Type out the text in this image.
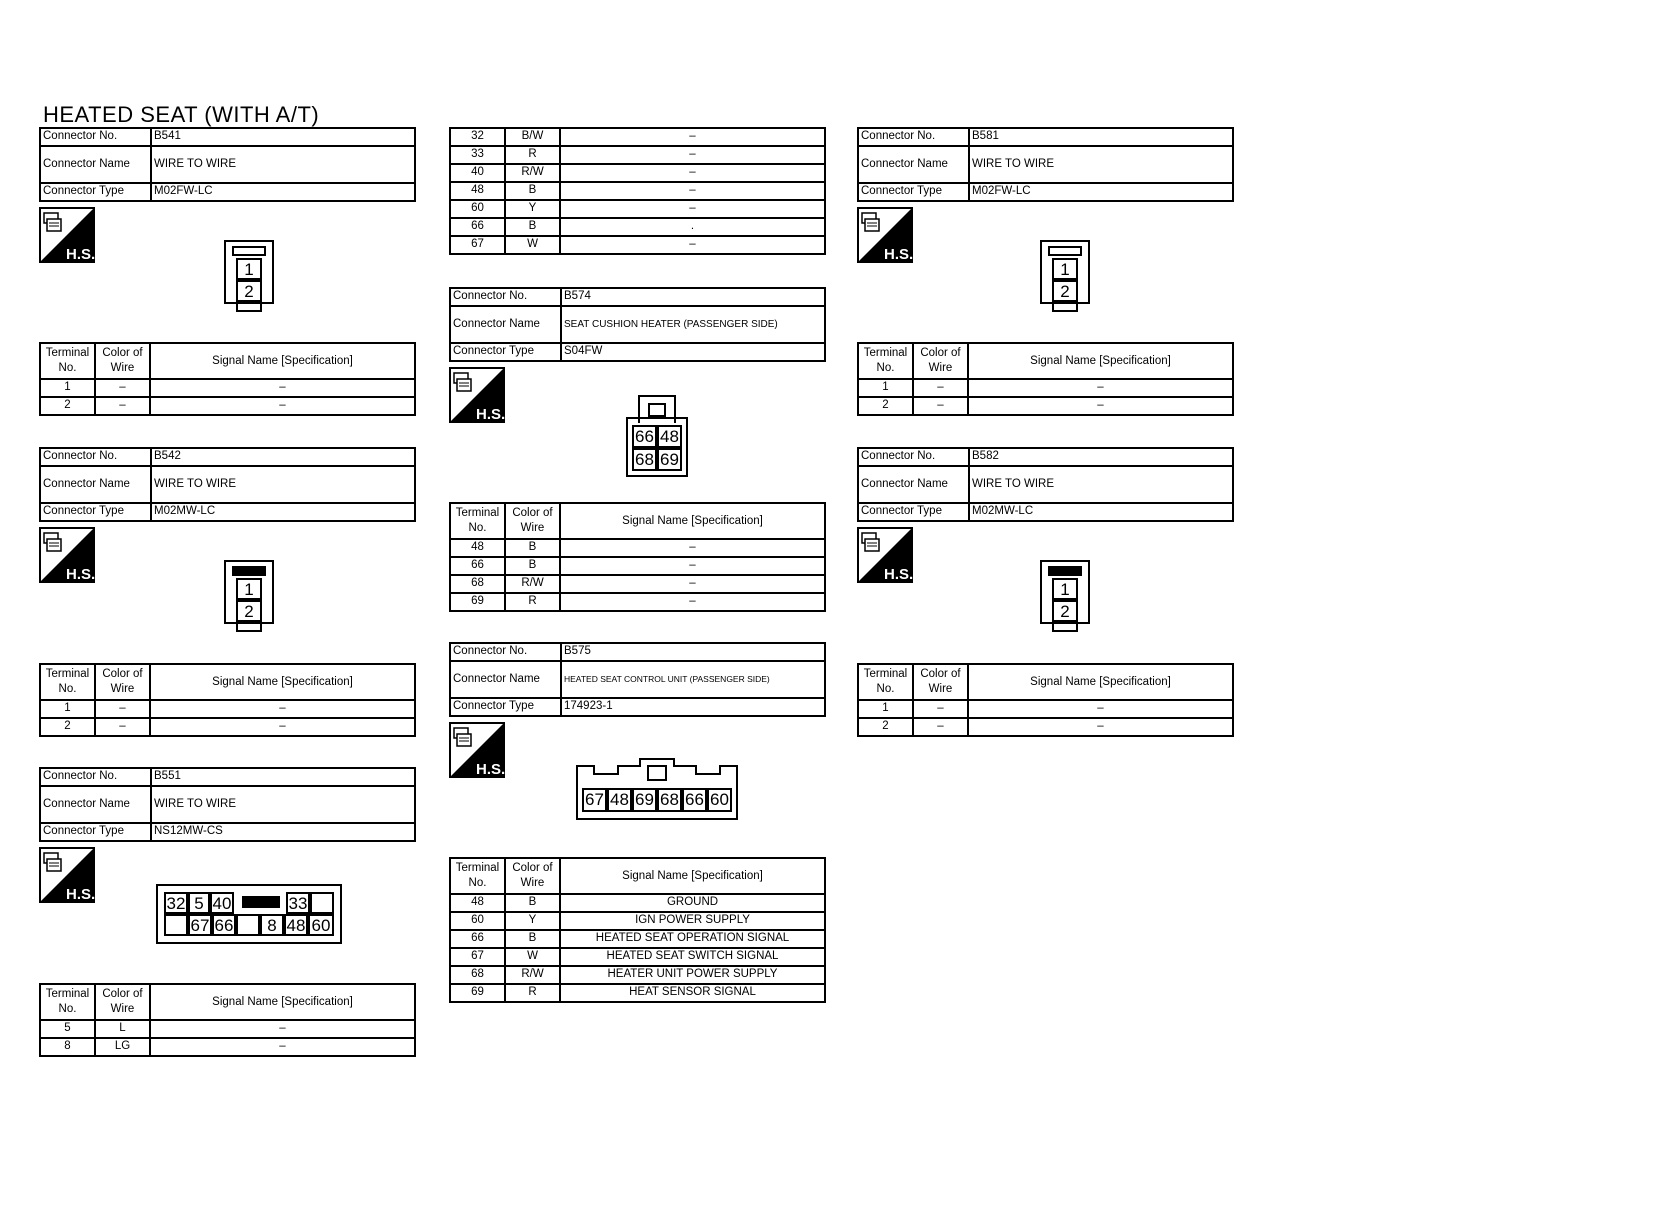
HEATED SEAT (WITH A/T)
Connector No.	B541
Connector Name	WIRE TO WIRE
Connector Type	M02FW-LC
H.S.
1
2
Terminal No.	Color of Wire	Signal Name [Specification]
1	–	–
2	–	–
Connector No.	B542
Connector Name	WIRE TO WIRE
Connector Type	M02MW-LC
H.S.
1
2
Terminal No.	Color of Wire	Signal Name [Specification]
1	–	–
2	–	–
Connector No.	B551
Connector Name	WIRE TO WIRE
Connector Type	NS12MW-CS
H.S.	32 5 40	33
67 66	8 48 60
Terminal No.	Color of Wire	Signal Name [Specification]
5	L	–
8	LG	–
32	B/W	–
33	R	–
40	R/W	–
48	B	–
60	Y	–
66	B	.
67	W	–
Connector No.	B574
Connector Name	SEAT CUSHION HEATER (PASSENGER SIDE)
Connector Type	S04FW
H.S.
66 48
68 69
Terminal No.	Color of Wire	Signal Name [Specification]
48	B	–
66	B	–
68	R/W	–
69	R	–
Connector No.	B575
Connector Name	HEATED SEAT CONTROL UNIT (PASSENGER SIDE)
Connector Type	174923-1
H.S.
67 48 69 68 66 60
Terminal No.	Color of Wire	Signal Name [Specification]
48	B	GROUND
60	Y	IGN POWER SUPPLY
66	B	HEATED SEAT OPERATION SIGNAL
67	W	HEATED SEAT SWITCH SIGNAL
68	R/W	HEATER UNIT POWER SUPPLY
69	R	HEAT SENSOR SIGNAL
Connector No.	B581
Connector Name	WIRE TO WIRE
Connector Type	M02FW-LC
H.S.
1
2
Terminal No.	Color of Wire	Signal Name [Specification]
1	–	–
2	–	–
Connector No.	B582
Connector Name	WIRE TO WIRE
Connector Type	M02MW-LC
H.S.
1
2
Terminal No.	Color of Wire	Signal Name [Specification]
1	–	–
2	–	–
